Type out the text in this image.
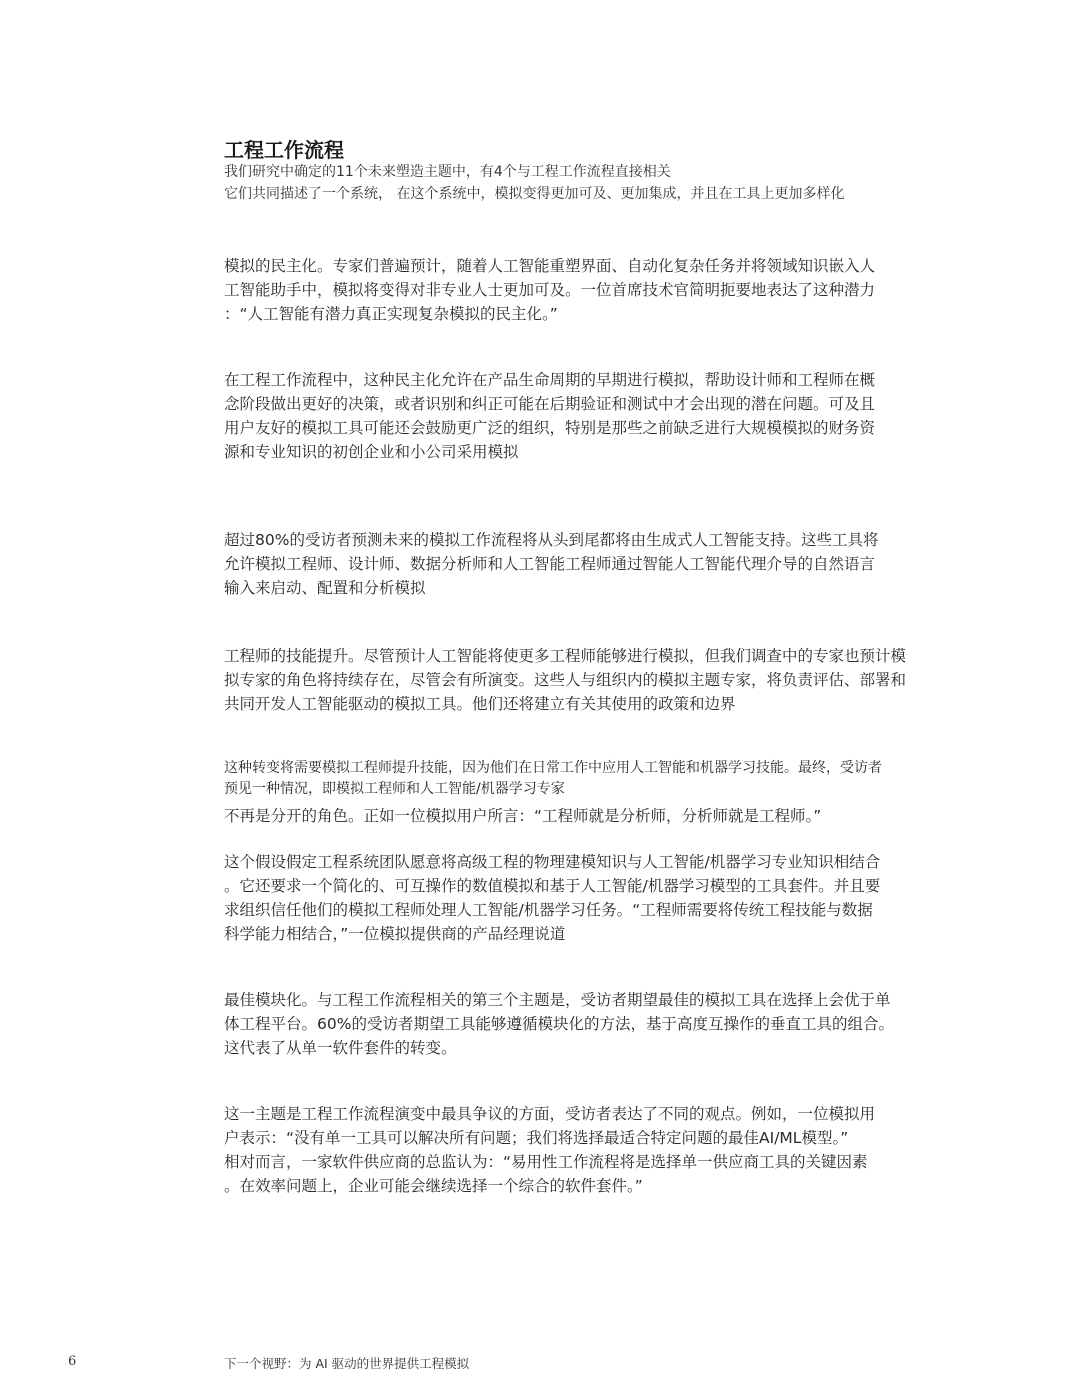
工程工作流程
我们研究中确定的11个未来塑造主题中，有4个与工程工作流程直接相关
它们共同描述了一个系统， 在这个系统中，模拟变得更加可及、更加集成，并且在工具上更加多样化
模拟的民主化。专家们普遍预计，随着人工智能重塑界面、自动化复杂任务并将领域知识嵌入人
工智能助手中，模拟将变得对非专业人士更加可及。一位首席技术官简明扼要地表达了这种潜力
：“人工智能有潜力真正实现复杂模拟的民主化。”
在工程工作流程中，这种民主化允许在产品生命周期的早期进行模拟，帮助设计师和工程师在概
念阶段做出更好的决策，或者识别和纠正可能在后期验证和测试中才会出现的潜在问题。可及且
用户友好的模拟工具可能还会鼓励更广泛的组织，特别是那些之前缺乏进行大规模模拟的财务资
源和专业知识的初创企业和小公司采用模拟
超过80%的受访者预测未来的模拟工作流程将从头到尾都将由生成式人工智能支持。这些工具将
允许模拟工程师、设计师、数据分析师和人工智能工程师通过智能人工智能代理介导的自然语言
输入来启动、配置和分析模拟
工程师的技能提升。尽管预计人工智能将使更多工程师能够进行模拟，但我们调查中的专家也预计模
拟专家的角色将持续存在，尽管会有所演变。这些人与组织内的模拟主题专家，将负责评估、部署和
共同开发人工智能驱动的模拟工具。他们还将建立有关其使用的政策和边界
这种转变将需要模拟工程师提升技能，因为他们在日常工作中应用人工智能和机器学习技能。最终，受访者
预见一种情况，即模拟工程师和人工智能/机器学习专家
不再是分开的角色。正如一位模拟用户所言：“工程师就是分析师，分析师就是工程师。”
这个假设假定工程系统团队愿意将高级工程的物理建模知识与人工智能/机器学习专业知识相结合
。它还要求一个简化的、可互操作的数值模拟和基于人工智能/机器学习模型的工具套件。并且要
求组织信任他们的模拟工程师处理人工智能/机器学习任务。“工程师需要将传统工程技能与数据
科学能力相结合，”一位模拟提供商的产品经理说道
最佳模块化。与工程工作流程相关的第三个主题是，受访者期望最佳的模拟工具在选择上会优于单
体工程平台。60%的受访者期望工具能够遵循模块化的方法，基于高度互操作的垂直工具的组合。
这代表了从单一软件套件的转变。
这一主题是工程工作流程演变中最具争议的方面，受访者表达了不同的观点。例如，一位模拟用
户表示：“没有单一工具可以解决所有问题；我们将选择最适合特定问题的最佳AI/ML模型。”
相对而言，一家软件供应商的总监认为：“易用性工作流程将是选择单一供应商工具的关键因素
。在效率问题上，企业可能会继续选择一个综合的软件套件。”
6	下一个视野：为 AI 驱动的世界提供工程模拟
